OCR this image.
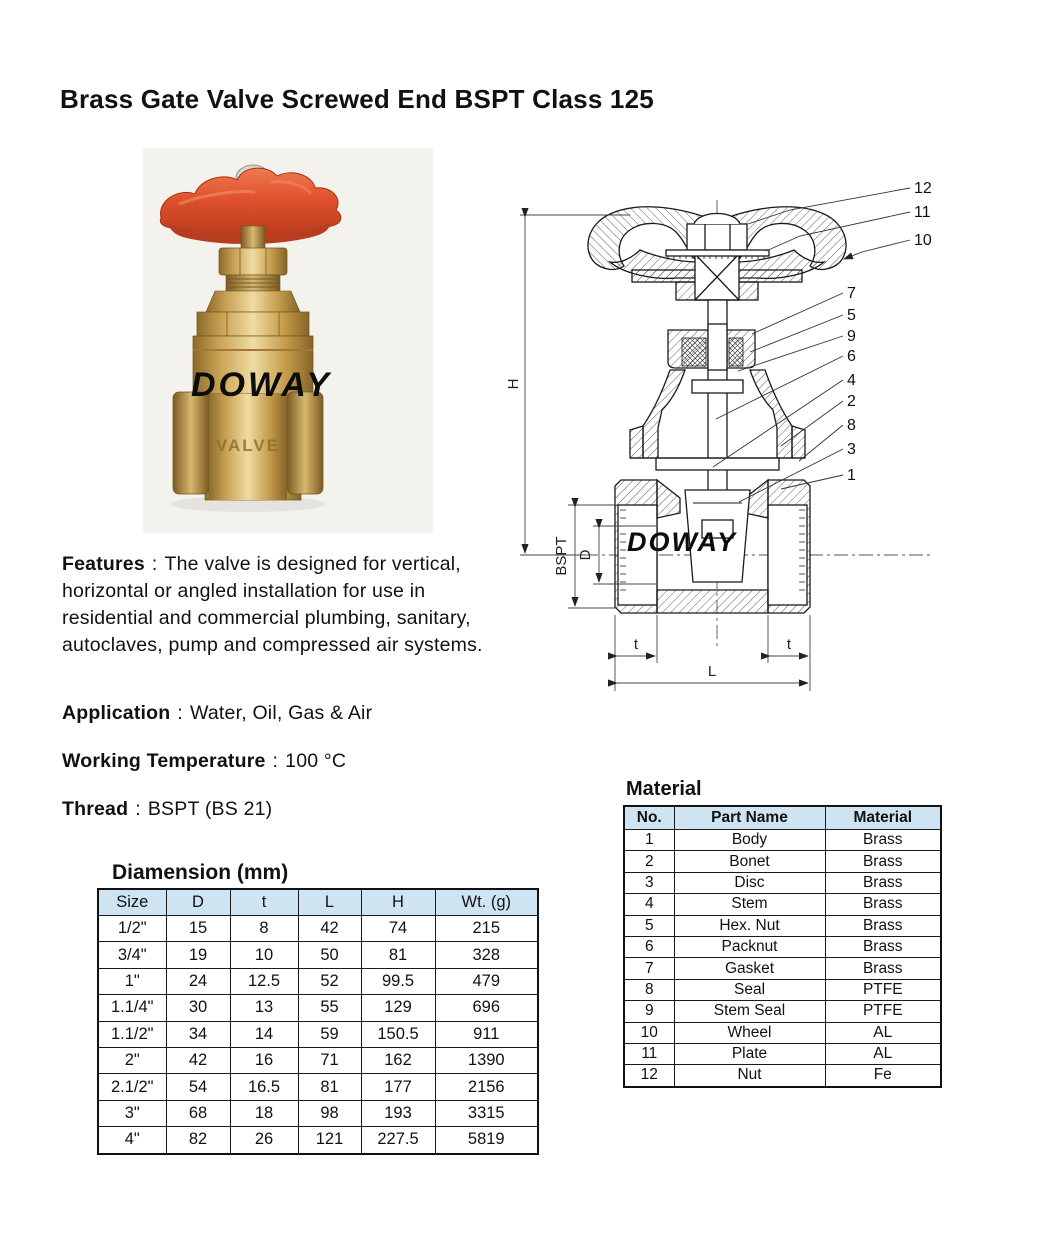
Brass Gate Valve Screwed End BSPT Class 125
VALVE
DOWAY
DOWAY
H
BSPT D
t	t
L
12
11
10
7
5
9
6
4
2
8
3
1
Features : The valve is designed for vertical, horizontal or angled installation for use in residential and commercial plumbing, sanitary, autoclaves, pump and compressed air systems.
Application : Water, Oil, Gas & Air
Working Temperature : 100 °C
Thread : BSPT (BS 21)
Diamension (mm)
Size	D	t	L	H	Wt. (g)
1/2"	15	8	42	74	215
3/4"	19	10	50	81	328
1"	24	12.5	52	99.5	479
1.1/4"	30	13	55	129	696
1.1/2"	34	14	59	150.5	911
2"	42	16	71	162	1390
2.1/2"	54	16.5	81	177	2156
3"	68	18	98	193	3315
4"	82	26	121	227.5	5819
Material
No.	Part Name	Material
1	Body	Brass
2	Bonet	Brass
3	Disc	Brass
4	Stem	Brass
5	Hex. Nut	Brass
6	Packnut	Brass
7	Gasket	Brass
8	Seal	PTFE
9	Stem Seal	PTFE
10	Wheel	AL
11	Plate	AL
12	Nut	Fe
